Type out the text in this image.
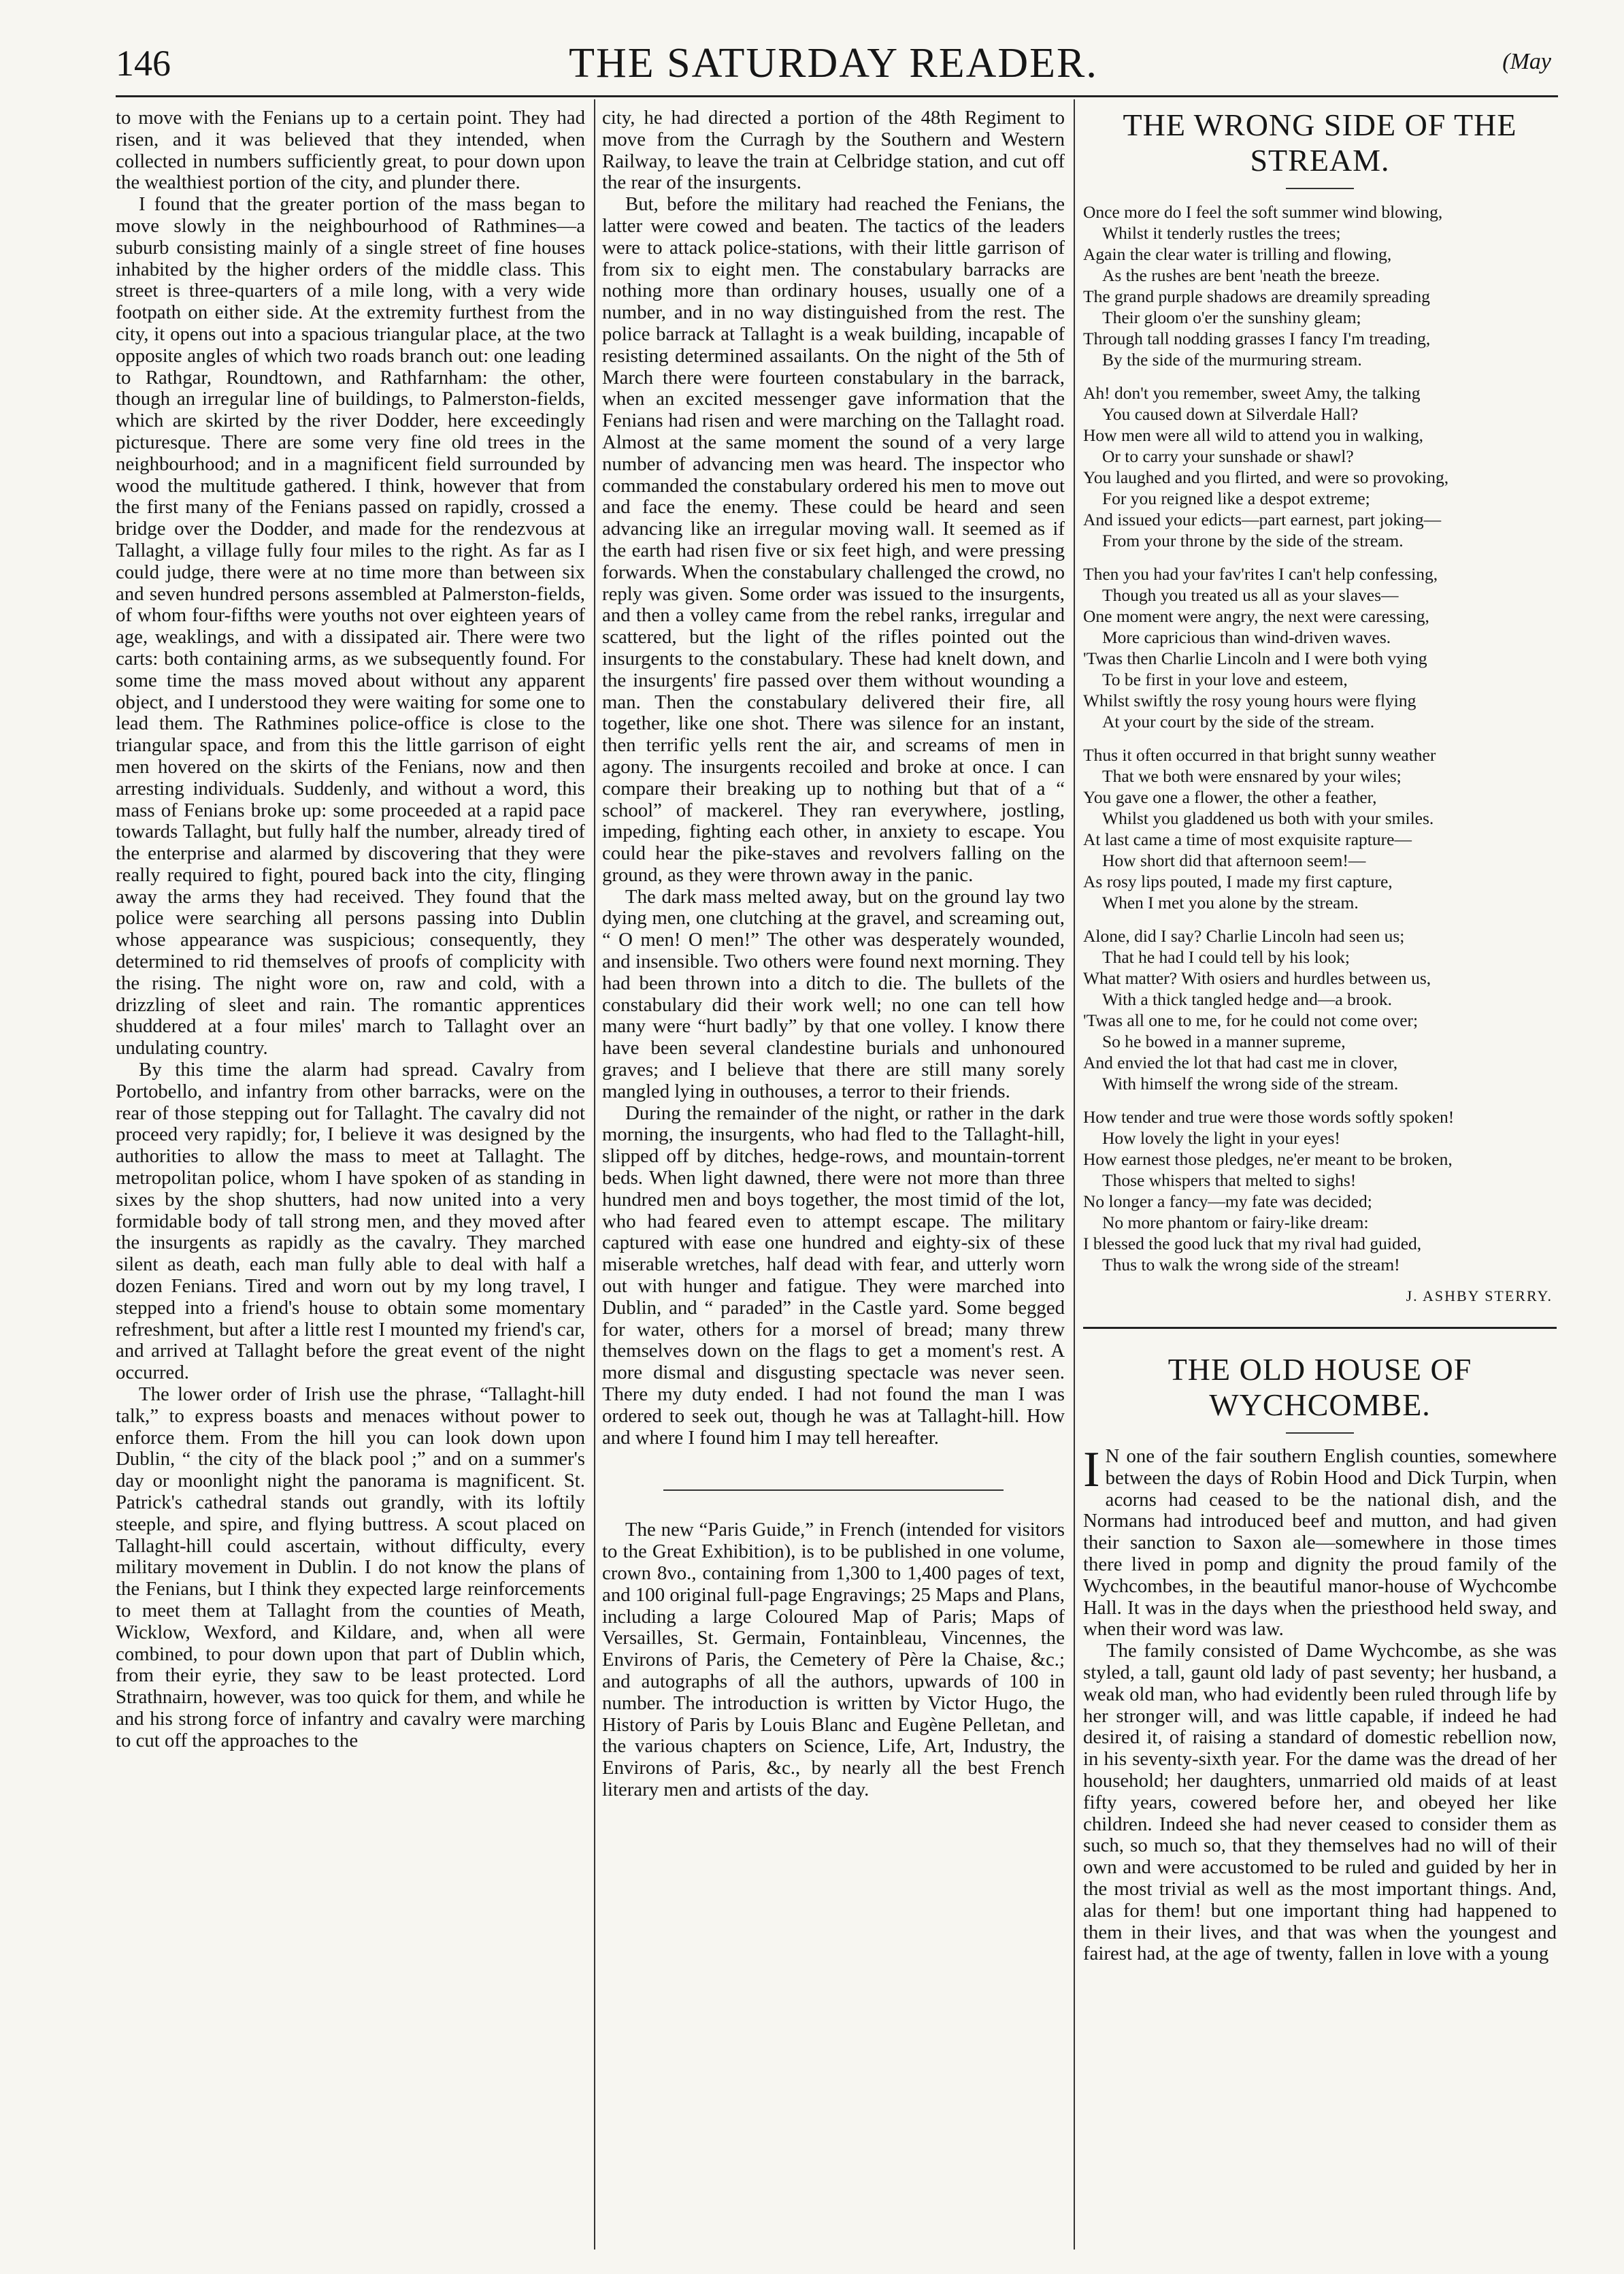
146	THE SATURDAY READER.	(May

to move with the Fenians up to a certain point. They had risen, and it was believed that they intended, when collected in numbers sufficiently great, to pour down upon the wealthiest portion of the city, and plunder there.

I found that the greater portion of the mass began to move slowly in the neighbourhood of Rathmines—a suburb consisting mainly of a single street of fine houses inhabited by the higher orders of the middle class. This street is three-quarters of a mile long, with a very wide footpath on either side. At the extremity furthest from the city, it opens out into a spacious triangular place, at the two opposite angles of which two roads branch out: one leading to Rathgar, Roundtown, and Rathfarnham: the other, though an irregular line of buildings, to Palmerston-fields, which are skirted by the river Dodder, here exceedingly picturesque. There are some very fine old trees in the neighbourhood; and in a magnificent field surrounded by wood the multitude gathered. I think, however that from the first many of the Fenians passed on rapidly, crossed a bridge over the Dodder, and made for the rendezvous at Tallaght, a village fully four miles to the right. As far as I could judge, there were at no time more than between six and seven hundred persons assembled at Palmerston-fields, of whom four-fifths were youths not over eighteen years of age, weaklings, and with a dissipated air. There were two carts: both containing arms, as we subsequently found. For some time the mass moved about without any apparent object, and I understood they were waiting for some one to lead them. The Rathmines police-office is close to the triangular space, and from this the little garrison of eight men hovered on the skirts of the Fenians, now and then arresting individuals. Suddenly, and without a word, this mass of Fenians broke up: some proceeded at a rapid pace towards Tallaght, but fully half the number, already tired of the enterprise and alarmed by discovering that they were really required to fight, poured back into the city, flinging away the arms they had received. They found that the police were searching all persons passing into Dublin whose appearance was suspicious; consequently, they determined to rid themselves of proofs of complicity with the rising. The night wore on, raw and cold, with a drizzling of sleet and rain. The romantic apprentices shuddered at a four miles' march to Tallaght over an undulating country.

By this time the alarm had spread. Cavalry from Portobello, and infantry from other barracks, were on the rear of those stepping out for Tallaght. The cavalry did not proceed very rapidly; for, I believe it was designed by the authorities to allow the mass to meet at Tallaght. The metropolitan police, whom I have spoken of as standing in sixes by the shop shutters, had now united into a very formidable body of tall strong men, and they moved after the insurgents as rapidly as the cavalry. They marched silent as death, each man fully able to deal with half a dozen Fenians. Tired and worn out by my long travel, I stepped into a friend's house to obtain some momentary refreshment, but after a little rest I mounted my friend's car, and arrived at Tallaght before the great event of the night occurred.

The lower order of Irish use the phrase, “Tallaght-hill talk,” to express boasts and menaces without power to enforce them. From the hill you can look down upon Dublin, “ the city of the black pool ;” and on a summer's day or moonlight night the panorama is magnificent. St. Patrick's cathedral stands out grandly, with its loftily steeple, and spire, and flying buttress. A scout placed on Tallaght-hill could ascertain, without difficulty, every military movement in Dublin. I do not know the plans of the Fenians, but I think they expected large reinforcements to meet them at Tallaght from the counties of Meath, Wicklow, Wexford, and Kildare, and, when all were combined, to pour down upon that part of Dublin which, from their eyrie, they saw to be least protected. Lord Strathnairn, however, was too quick for them, and while he and his strong force of infantry and cavalry were marching to cut off the approaches to the

city, he had directed a portion of the 48th Regiment to move from the Curragh by the Southern and Western Railway, to leave the train at Celbridge station, and cut off the rear of the insurgents.

But, before the military had reached the Fenians, the latter were cowed and beaten. The tactics of the leaders were to attack police-stations, with their little garrison of from six to eight men. The constabulary barracks are nothing more than ordinary houses, usually one of a number, and in no way distinguished from the rest. The police barrack at Tallaght is a weak building, incapable of resisting determined assailants. On the night of the 5th of March there were fourteen constabulary in the barrack, when an excited messenger gave information that the Fenians had risen and were marching on the Tallaght road. Almost at the same moment the sound of a very large number of advancing men was heard. The inspector who commanded the constabulary ordered his men to move out and face the enemy. These could be heard and seen advancing like an irregular moving wall. It seemed as if the earth had risen five or six feet high, and were pressing forwards. When the constabulary challenged the crowd, no reply was given. Some order was issued to the insurgents, and then a volley came from the rebel ranks, irregular and scattered, but the light of the rifles pointed out the insurgents to the constabulary. These had knelt down, and the insurgents' fire passed over them without wounding a man. Then the constabulary delivered their fire, all together, like one shot. There was silence for an instant, then terrific yells rent the air, and screams of men in agony. The insurgents recoiled and broke at once. I can compare their breaking up to nothing but that of a “ school” of mackerel. They ran everywhere, jostling, impeding, fighting each other, in anxiety to escape. You could hear the pike-staves and revolvers falling on the ground, as they were thrown away in the panic.

The dark mass melted away, but on the ground lay two dying men, one clutching at the gravel, and screaming out, “ O men! O men!” The other was desperately wounded, and insensible. Two others were found next morning. They had been thrown into a ditch to die. The bullets of the constabulary did their work well; no one can tell how many were “hurt badly” by that one volley. I know there have been several clandestine burials and unhonoured graves; and I believe that there are still many sorely mangled lying in outhouses, a terror to their friends.

During the remainder of the night, or rather in the dark morning, the insurgents, who had fled to the Tallaght-hill, slipped off by ditches, hedge-rows, and mountain-torrent beds. When light dawned, there were not more than three hundred men and boys together, the most timid of the lot, who had feared even to attempt escape. The military captured with ease one hundred and eighty-six of these miserable wretches, half dead with fear, and utterly worn out with hunger and fatigue. They were marched into Dublin, and “ paraded” in the Castle yard. Some begged for water, others for a morsel of bread; many threw themselves down on the flags to get a moment's rest. A more dismal and disgusting spectacle was never seen. There my duty ended. I had not found the man I was ordered to seek out, though he was at Tallaght-hill. How and where I found him I may tell hereafter.

The new “Paris Guide,” in French (intended for visitors to the Great Exhibition), is to be published in one volume, crown 8vo., containing from 1,300 to 1,400 pages of text, and 100 original full-page Engravings; 25 Maps and Plans, including a large Coloured Map of Paris; Maps of Versailles, St. Germain, Fontainbleau, Vincennes, the Environs of Paris, the Cemetery of Père la Chaise, &c.; and autographs of all the authors, upwards of 100 in number. The introduction is written by Victor Hugo, the History of Paris by Louis Blanc and Eugène Pelletan, and the various chapters on Science, Life, Art, Industry, the Environs of Paris, &c., by nearly all the best French literary men and artists of the day.

THE WRONG SIDE OF THE STREAM.
Once more do I feel the soft summer wind blowing,
Whilst it tenderly rustles the trees;
Again the clear water is trilling and flowing,
As the rushes are bent 'neath the breeze.
The grand purple shadows are dreamily spreading
Their gloom o'er the sunshiny gleam;
Through tall nodding grasses I fancy I'm treading,
By the side of the murmuring stream.
Ah! don't you remember, sweet Amy, the talking
You caused down at Silverdale Hall?
How men were all wild to attend you in walking,
Or to carry your sunshade or shawl?
You laughed and you flirted, and were so provoking,
For you reigned like a despot extreme;
And issued your edicts—part earnest, part joking—
From your throne by the side of the stream.
Then you had your fav'rites I can't help confessing,
Though you treated us all as your slaves—
One moment were angry, the next were caressing,
More capricious than wind-driven waves.
'Twas then Charlie Lincoln and I were both vying
To be first in your love and esteem,
Whilst swiftly the rosy young hours were flying
At your court by the side of the stream.
Thus it often occurred in that bright sunny weather
That we both were ensnared by your wiles;
You gave one a flower, the other a feather,
Whilst you gladdened us both with your smiles.
At last came a time of most exquisite rapture—
How short did that afternoon seem!—
As rosy lips pouted, I made my first capture,
When I met you alone by the stream.
Alone, did I say? Charlie Lincoln had seen us;
That he had I could tell by his look;
What matter? With osiers and hurdles between us,
With a thick tangled hedge and—a brook.
'Twas all one to me, for he could not come over;
So he bowed in a manner supreme,
And envied the lot that had cast me in clover,
With himself the wrong side of the stream.
How tender and true were those words softly spoken!
How lovely the light in your eyes!
How earnest those pledges, ne'er meant to be broken,
Those whispers that melted to sighs!
No longer a fancy—my fate was decided;
No more phantom or fairy-like dream:
I blessed the good luck that my rival had guided,
Thus to walk the wrong side of the stream!
J. ASHBY STERRY.
THE OLD HOUSE OF WYCHCOMBE.

I N one of the fair southern English counties, somewhere between the days of Robin Hood and Dick Turpin, when acorns had ceased to be the national dish, and the Normans had introduced beef and mutton, and had given their sanction to Saxon ale—somewhere in those times there lived in pomp and dignity the proud family of the Wychcombes, in the beautiful manor-house of Wychcombe Hall. It was in the days when the priesthood held sway, and when their word was law.

The family consisted of Dame Wychcombe, as she was styled, a tall, gaunt old lady of past seventy; her husband, a weak old man, who had evidently been ruled through life by her stronger will, and was little capable, if indeed he had desired it, of raising a standard of domestic rebellion now, in his seventy-sixth year. For the dame was the dread of her household; her daughters, unmarried old maids of at least fifty years, cowered before her, and obeyed her like children. Indeed she had never ceased to consider them as such, so much so, that they themselves had no will of their own and were accustomed to be ruled and guided by her in the most trivial as well as the most important things. And, alas for them! but one important thing had happened to them in their lives, and that was when the youngest and fairest had, at the age of twenty, fallen in love with a young
